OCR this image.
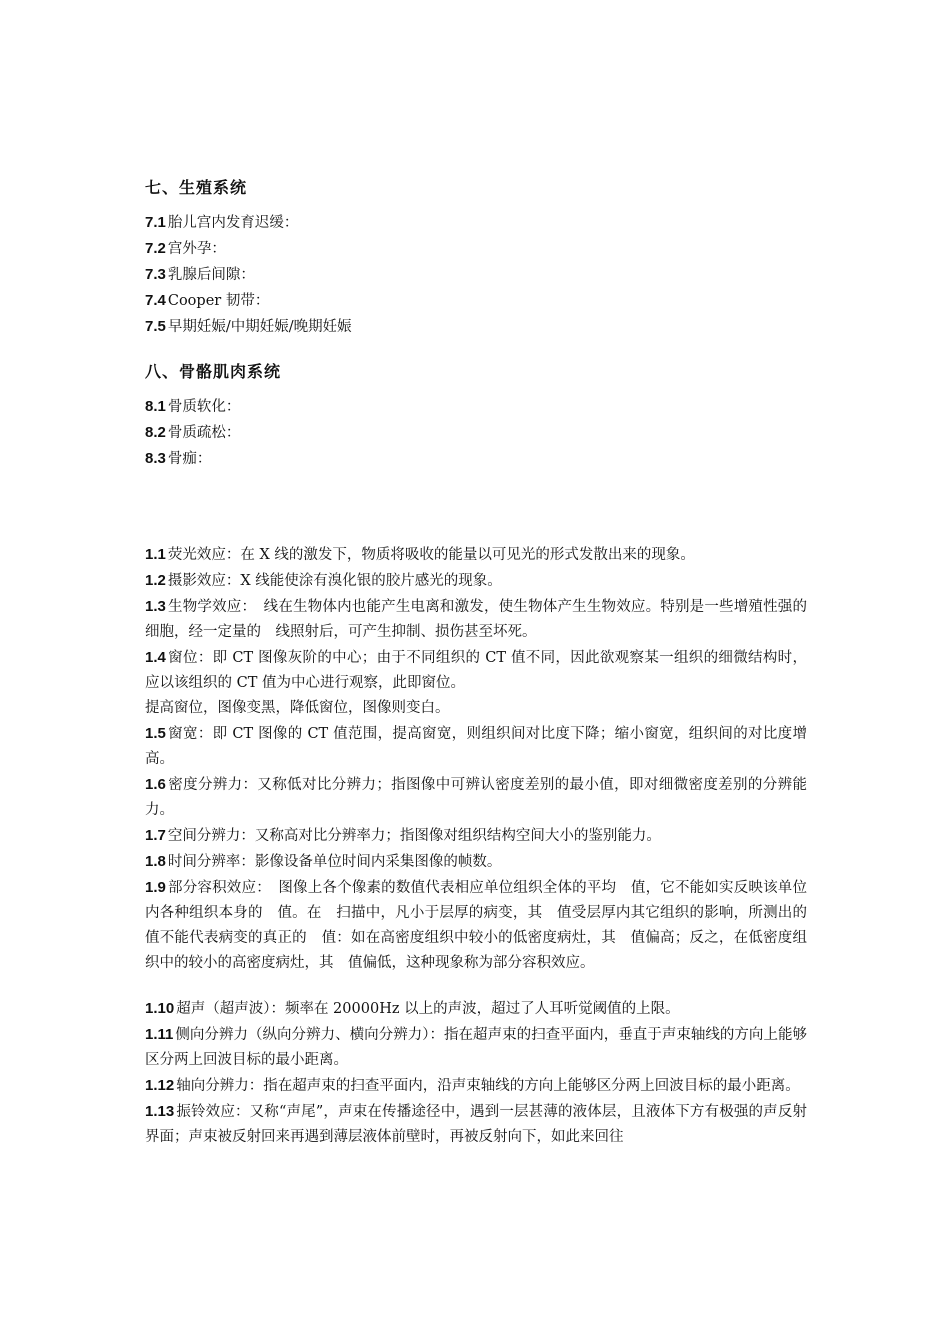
七、生殖系统

7.1 胎儿宫内发育迟缓：

7.2 宫外孕：

7.3 乳腺后间隙：

7.4 Cooper 韧带：

7.5 早期妊娠/中期妊娠/晚期妊娠

八、骨骼肌肉系统

8.1 骨质软化：

8.2 骨质疏松：

8.3 骨痂：

1.1 荧光效应：在 X 线的激发下，物质将吸收的能量以可见光的形式发散出来的现象。

1.2 摄影效应：X 线能使涂有溴化银的胶片感光的现象。

1.3 生物学效应：　线在生物体内也能产生电离和激发，使生物体产生生物效应。特别是一些增殖性强的细胞，经一定量的　线照射后，可产生抑制、损伤甚至坏死。

1.4 窗位：即 CT 图像灰阶的中心；由于不同组织的 CT 值不同，因此欲观察某一组织的细微结构时，应以该组织的 CT 值为中心进行观察，此即窗位。

提高窗位，图像变黑，降低窗位，图像则变白。

1.5 窗宽：即 CT 图像的 CT 值范围，提高窗宽，则组织间对比度下降；缩小窗宽，组织间的对比度增高。

1.6 密度分辨力：又称低对比分辨力；指图像中可辨认密度差别的最小值，即对细微密度差别的分辨能力。

1.7 空间分辨力：又称高对比分辨率力；指图像对组织结构空间大小的鉴别能力。

1.8 时间分辨率：影像设备单位时间内采集图像的帧数。

1.9 部分容积效应：　图像上各个像素的数值代表相应单位组织全体的平均　值，它不能如实反映该单位内各种组织本身的　值。在　扫描中，凡小于层厚的病变，其　值受层厚内其它组织的影响，所测出的　值不能代表病变的真正的　值：如在高密度组织中较小的低密度病灶，其　值偏高；反之，在低密度组织中的较小的高密度病灶，其　值偏低，这种现象称为部分容积效应。

1.10 超声（超声波）：频率在 20000Hz 以上的声波，超过了人耳听觉阈值的上限。

1.11 侧向分辨力（纵向分辨力、横向分辨力）：指在超声束的扫查平面内，垂直于声束轴线的方向上能够区分两上回波目标的最小距离。

1.12 轴向分辨力：指在超声束的扫查平面内，沿声束轴线的方向上能够区分两上回波目标的最小距离。

1.13 振铃效应：又称“声尾”，声束在传播途径中，遇到一层甚薄的液体层，且液体下方有极强的声反射界面；声束被反射回来再遇到薄层液体前壁时，再被反射向下，如此来回往
